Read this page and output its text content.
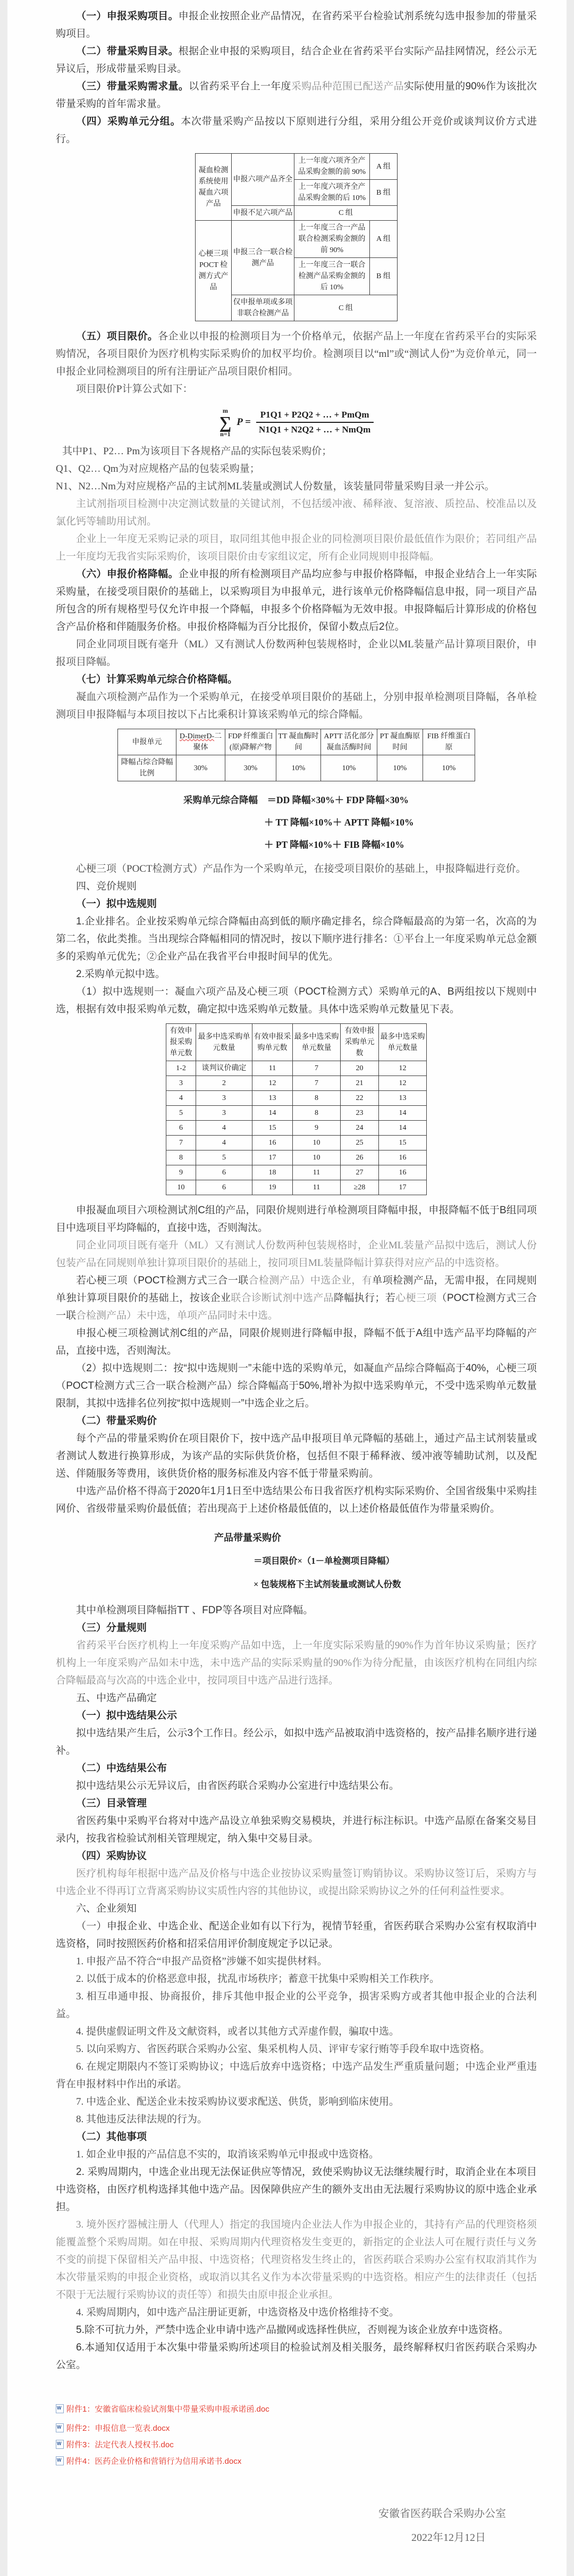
（一）申报采购项目。申报企业按照企业产品情况，在省药采平台检验试剂系统勾选申报参加的带量采购项目。

（二）带量采购目录。根据企业申报的采购项目，结合企业在省药采平台实际产品挂网情况，经公示无异议后，形成带量采购目录。

（三）带量采购需求量。以省药采平台上一年度采购品种范围已配送产品实际使用量的90%作为该批次带量采购的首年需求量。

（四）采购单元分组。本次带量采购产品按以下原则进行分组，采用分组公开竞价或谈判议价方式进行。

凝血检测系统使用凝血六项产品	申报六项产品齐全	上一年度六项齐全产品采购金额的前 90%	A 组
		上一年度六项齐全产品采购金额的后 10%	B 组
	申报不足六项产品	C 组	
心梗三项POCT 检测方式产品	申报三合一联合检测产品	上一年度三合一产品联合检测采购金额的前 90%	A 组
		上一年度三合一联合检测产品采购金额的后 10%	B 组
	仅申报单项或多项非联合检测产品	C 组	

（五）项目限价。各企业以申报的检测项目为一个价格单元，依据产品上一年度在省药采平台的实际采购情况，各项目限价为医疗机构实际采购价的加权平均价。检测项目以“ml”或“测试人份”为竞价单元，同一申报企业同检测项目的所有注册证产品项目限价相同。

项目限价P计算公式如下：

m
∑
n=1
$P = \frac{\text{P1Q1 + P2Q2 + … + PmQm}}{\text{N1Q1 + N2Q2 + … + NmQm}}$

其中P1、P2… Pm为该项目下各规格产品的实际包装采购价；

Q1、Q2… Qm为对应规格产品的包装采购量；

N1、N2…Nm为对应规格产品的主试剂ML装量或测试人份数量，该装量同带量采购目录一并公示。

主试剂指项目检测中决定测试数量的关键试剂，不包括缓冲液、稀释液、复溶液、质控品、校准品以及氯化钙等辅助用试剂。

企业上一年度无采购记录的项目，取同组其他申报企业的同检测项目限价最低值作为限价；若同组产品上一年度均无我省实际采购价，该项目限价由专家组议定，所有企业同规则申报降幅。

（六）申报价格降幅。企业申报的所有检测项目产品均应参与申报价格降幅，申报企业结合上一年实际采购量，在接受项目限价的基础上，以采购项目为申报单元，进行该单元价格降幅信息申报，同一项目产品所包含的所有规格型号仅允许申报一个降幅，申报多个价格降幅为无效申报。申报降幅后计算形成的价格包含产品价格和伴随服务价格。申报价格降幅为百分比报价，保留小数点后2位。

同企业同项目既有毫升（ML）又有测试人份数两种包装规格时，企业以ML装量产品计算项目限价，申报项目降幅。

（七）计算采购单元综合价格降幅。

凝血六项检测产品作为一个采购单元，在接受单项目限价的基础上，分别申报单检测项目降幅，各单检测项目申报降幅与本项目按以下占比乘积计算该采购单元的综合降幅。

申报单元	D-DimerD-二聚体	FDP 纤维蛋白(原)降解产物	TT 凝血酶时间	APTT 活化部分凝血活酶时间	PT 凝血酶原时间	FIB 纤维蛋白原
降幅占综合降幅比例	30%	30%	10%	10%	10%	10%
采购单元综合降幅　＝DD 降幅×30%＋ FDP 降幅×30%
＋ TT 降幅×10%＋ APTT 降幅×10%
＋ PT 降幅×10%＋ FIB 降幅×10%

心梗三项（POCT检测方式）产品作为一个采购单元，在接受项目限价的基础上，申报降幅进行竞价。

四、竞价规则

（一）拟中选规则

1.企业排名。企业按采购单元综合降幅由高到低的顺序确定排名，综合降幅最高的为第一名，次高的为第二名，依此类推。当出现综合降幅相同的情况时，按以下顺序进行排名：①平台上一年度采购单元总金额多的采购单元优先；②企业产品在我省平台申报时间早的优先。

2.采购单元拟中选。

（1）拟中选规则一：凝血六项产品及心梗三项（POCT检测方式）采购单元的A、B两组按以下规则中选，根据有效申报采购单元数，确定拟中选采购单元数量。具体中选采购单元数量见下表。

有效申报采购单元数	最多中选采购单元数量	有效申报采购单元数	最多中选采购单元数量	有效申报采购单元数	最多中选采购单元数量
1-2	谈判议价确定	11	7	20	12
3	2	12	7	21	12
4	3	13	8	22	13
5	3	14	8	23	14
6	4	15	9	24	14
7	4	16	10	25	15
8	5	17	10	26	16
9	6	18	11	27	16
10	6	19	11	≥28	17

申报凝血项目六项检测试剂C组的产品，同限价规则进行单检测项目降幅申报，申报降幅不低于B组同项目中选项目平均降幅的，直接中选，否则淘汰。

同企业同项目既有毫升（ML）又有测试人份数两种包装规格时，企业ML装量产品拟中选后，测试人份包装产品在同规则单独计算项目限价的基础上，按同项目ML装量降幅计算获得对应产品的中选资格。

若心梗三项（POCT检测方式三合一联合检测产品）中选企业，有单项检测产品，无需申报，在同规则单独计算项目限价的基础上，按该企业联合诊断试剂中选产品降幅执行；若心梗三项（POCT检测方式三合一联合检测产品）未中选，单项产品同时未中选。

申报心梗三项检测试剂C组的产品，同限价规则进行降幅申报，降幅不低于A组中选产品平均降幅的产品，直接中选，否则淘汰。

（2）拟中选规则二：按“拟中选规则一”未能中选的采购单元，如凝血产品综合降幅高于40%，心梗三项（POCT检测方式三合一联合检测产品）综合降幅高于50%,增补为拟中选采购单元，不受中选采购单元数量限制，其拟中选排名位列按“拟中选规则一”中选企业之后。

（二）带量采购价

每个产品的带量采购价在项目限价下，按中选产品申报项目单元降幅的基础上，通过产品主试剂装量或者测试人数进行换算形成，为该产品的实际供货价格，包括但不限于稀释液、缓冲液等辅助试剂，以及配送、伴随服务等费用，该供货价格的服务标准及内容不低于带量采购前。

中选产品价格不得高于2020年1月1日至中选结果公布日我省医疗机构实际采购价、全国省级集中采购挂网价、省级带量采购价最低值；若出现高于上述价格最低值的，以上述价格最低值作为带量采购价。

产品带量采购价
＝项目限价×（1－单检测项目降幅）
× 包装规格下主试剂装量或测试人份数

其中单检测项目降幅指TT 、FDP等各项目对应降幅。

（三）分量规则

省药采平台医疗机构上一年度采购产品如中选，上一年度实际采购量的90%作为首年协议采购量；医疗机构上一年度采购产品如未中选，未中选产品的实际采购量的90%作为待分配量，由该医疗机构在同组内综合降幅最高与次高的中选企业中，按同项目中选产品进行选择。

五、中选产品确定

（一）拟中选结果公示

拟中选结果产生后，公示3个工作日。经公示，如拟中选产品被取消中选资格的，按产品排名顺序进行递补。

（二）中选结果公布

拟中选结果公示无异议后，由省医药联合采购办公室进行中选结果公布。

（三）目录管理

省医药集中采购平台将对中选产品设立单独采购交易模块，并进行标注标识。中选产品原在备案交易目录内，按我省检验试剂相关管理规定，纳入集中交易目录。

（四）采购协议

医疗机构每年根据中选产品及价格与中选企业按协议采购量签订购销协议。采购协议签订后，采购方与中选企业不得再订立背离采购协议实质性内容的其他协议，或提出除采购协议之外的任何利益性要求。

六、企业须知

（一）申报企业、中选企业、配送企业如有以下行为，视情节轻重，省医药联合采购办公室有权取消中选资格，同时按照医药价格和招采信用评价制度规定予以记录。

1. 申报产品不符合“申报产品资格”涉嫌不如实提供材料。

2. 以低于成本的价格恶意申报，扰乱市场秩序；蓄意干扰集中采购相关工作秩序。

3. 相互串通申报、协商报价，排斥其他申报企业的公平竞争，损害采购方或者其他申报企业的合法利益。

4. 提供虚假证明文件及文献资料，或者以其他方式弄虚作假，骗取中选。

5. 以向采购方、省医药联合采购办公室、集采机构人员、评审专家行贿等手段牟取中选资格。

6. 在规定期限内不签订采购协议；中选后放弃中选资格；中选产品发生严重质量问题；中选企业严重违背在申报材料中作出的承诺。

7. 中选企业、配送企业未按采购协议要求配送、供货，影响到临床使用。

8. 其他违反法律法规的行为。

（二）其他事项

1. 如企业申报的产品信息不实的，取消该采购单元申报或中选资格。

2. 采购周期内，中选企业出现无法保证供应等情况，致使采购协议无法继续履行时，取消企业在本项目中选资格，由医疗机构选择其他中选产品。因保障供应产生的额外支出由无法履行采购协议的原中选企业承担。

3. 境外医疗器械注册人（代理人）指定的我国境内企业法人作为申报企业的，其持有产品的代理资格须能覆盖整个采购周期。如在申报、采购周期内代理资格发生变更的，新指定的企业法人可在履行责任与义务不变的前提下保留相关产品申报、中选资格；代理资格发生终止的，省医药联合采购办公室有权取消其作为本次带量采购的申报企业资格，或取消以其名义作为本次带量采购的中选资格。相应产生的法律责任（包括不限于无法履行采购协议的责任等）和损失由原申报企业承担。

4. 采购周期内，如中选产品注册证更新，中选资格及中选价格维持不变。

5.除不可抗力外，严禁中选企业申请中选产品撤网或选择性供应，否则视为该企业放弃中选资格。

6.本通知仅适用于本次集中带量采购所述项目的检验试剂及相关服务，最终解释权归省医药联合采购办公室。

W
附件1：安徽省临床检验试剂集中带量采购申报承诺函.doc
W
附件2：申报信息一览表.docx
W
附件3：法定代表人授权书.doc
W
附件4：医药企业价格和营销行为信用承诺书.docx
安徽省医药联合采购办公室
2022年12月12日
